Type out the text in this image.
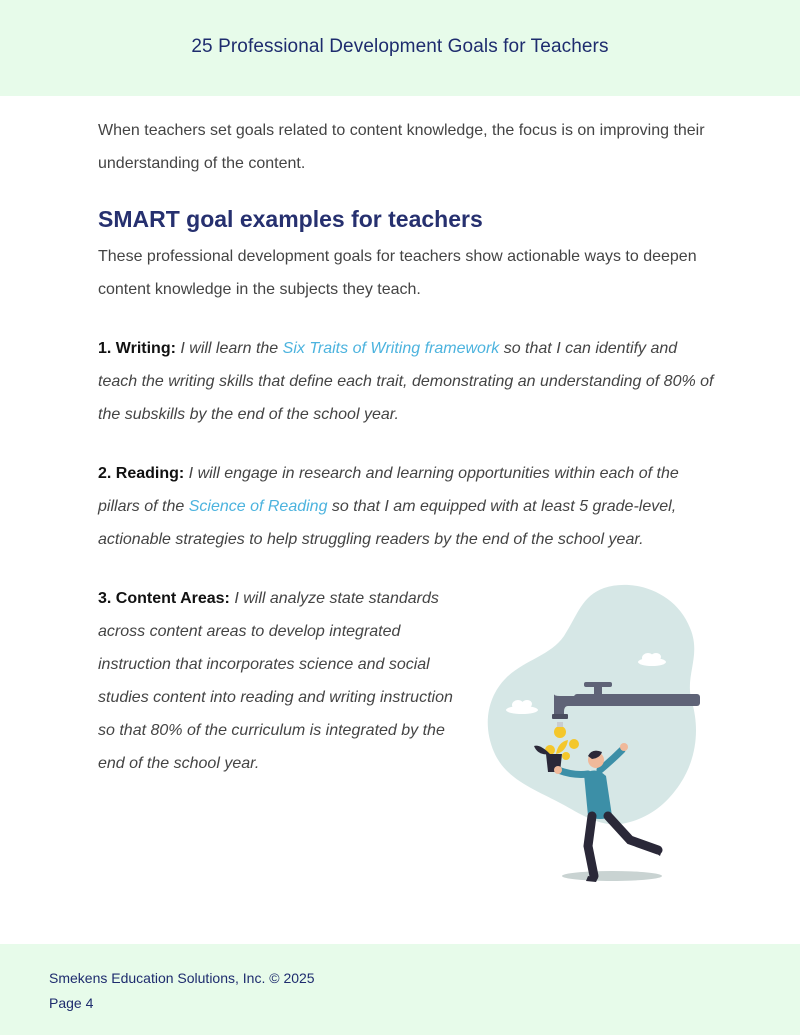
25 Professional Development Goals for Teachers

When teachers set goals related to content knowledge, the focus is on improving their understanding of the content.

SMART goal examples for teachers

These professional development goals for teachers show actionable ways to deepen content knowledge in the subjects they teach.

1. Writing: I will learn the Six Traits of Writing framework so that I can identify and teach the writing skills that define each trait, demonstrating an understanding of 80% of the subskills by the end of the school year.

2. Reading: I will engage in research and learning opportunities within each of the pillars of the Science of Reading so that I am equipped with at least 5 grade-level, actionable strategies to help struggling readers by the end of the school year.

3. Content Areas: I will analyze state standards across content areas to develop integrated instruction that incorporates science and social studies content into reading and writing instruction so that 80% of the curriculum is integrated by the end of the school year.

Smekens Education Solutions, Inc. © 2025
Page 4
